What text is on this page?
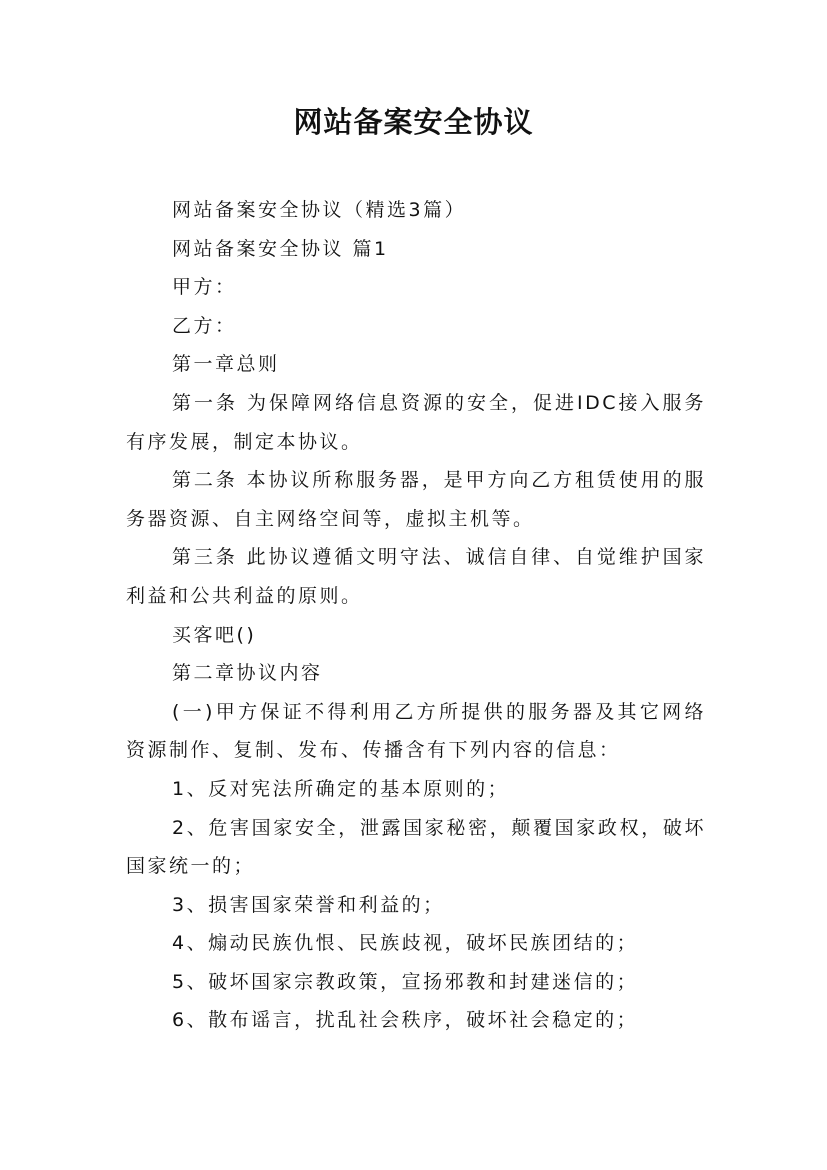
网站备案安全协议

网站备案安全协议（精选3篇）

网站备案安全协议 篇1

甲方：

乙方：

第一章总则

第一条 为保障网络信息资源的安全，促进IDC接入服务有序发展，制定本协议。

第二条 本协议所称服务器，是甲方向乙方租赁使用的服务器资源、自主网络空间等，虚拟主机等。

第三条 此协议遵循文明守法、诚信自律、自觉维护国家利益和公共利益的原则。

买客吧()

第二章协议内容

(一)甲方保证不得利用乙方所提供的服务器及其它网络资源制作、复制、发布、传播含有下列内容的信息：

1、反对宪法所确定的基本原则的；

2、危害国家安全，泄露国家秘密，颠覆国家政权，破坏国家统一的；

3、损害国家荣誉和利益的；

4、煽动民族仇恨、民族歧视，破坏民族团结的；

5、破坏国家宗教政策，宣扬邪教和封建迷信的；

6、散布谣言，扰乱社会秩序，破坏社会稳定的；
